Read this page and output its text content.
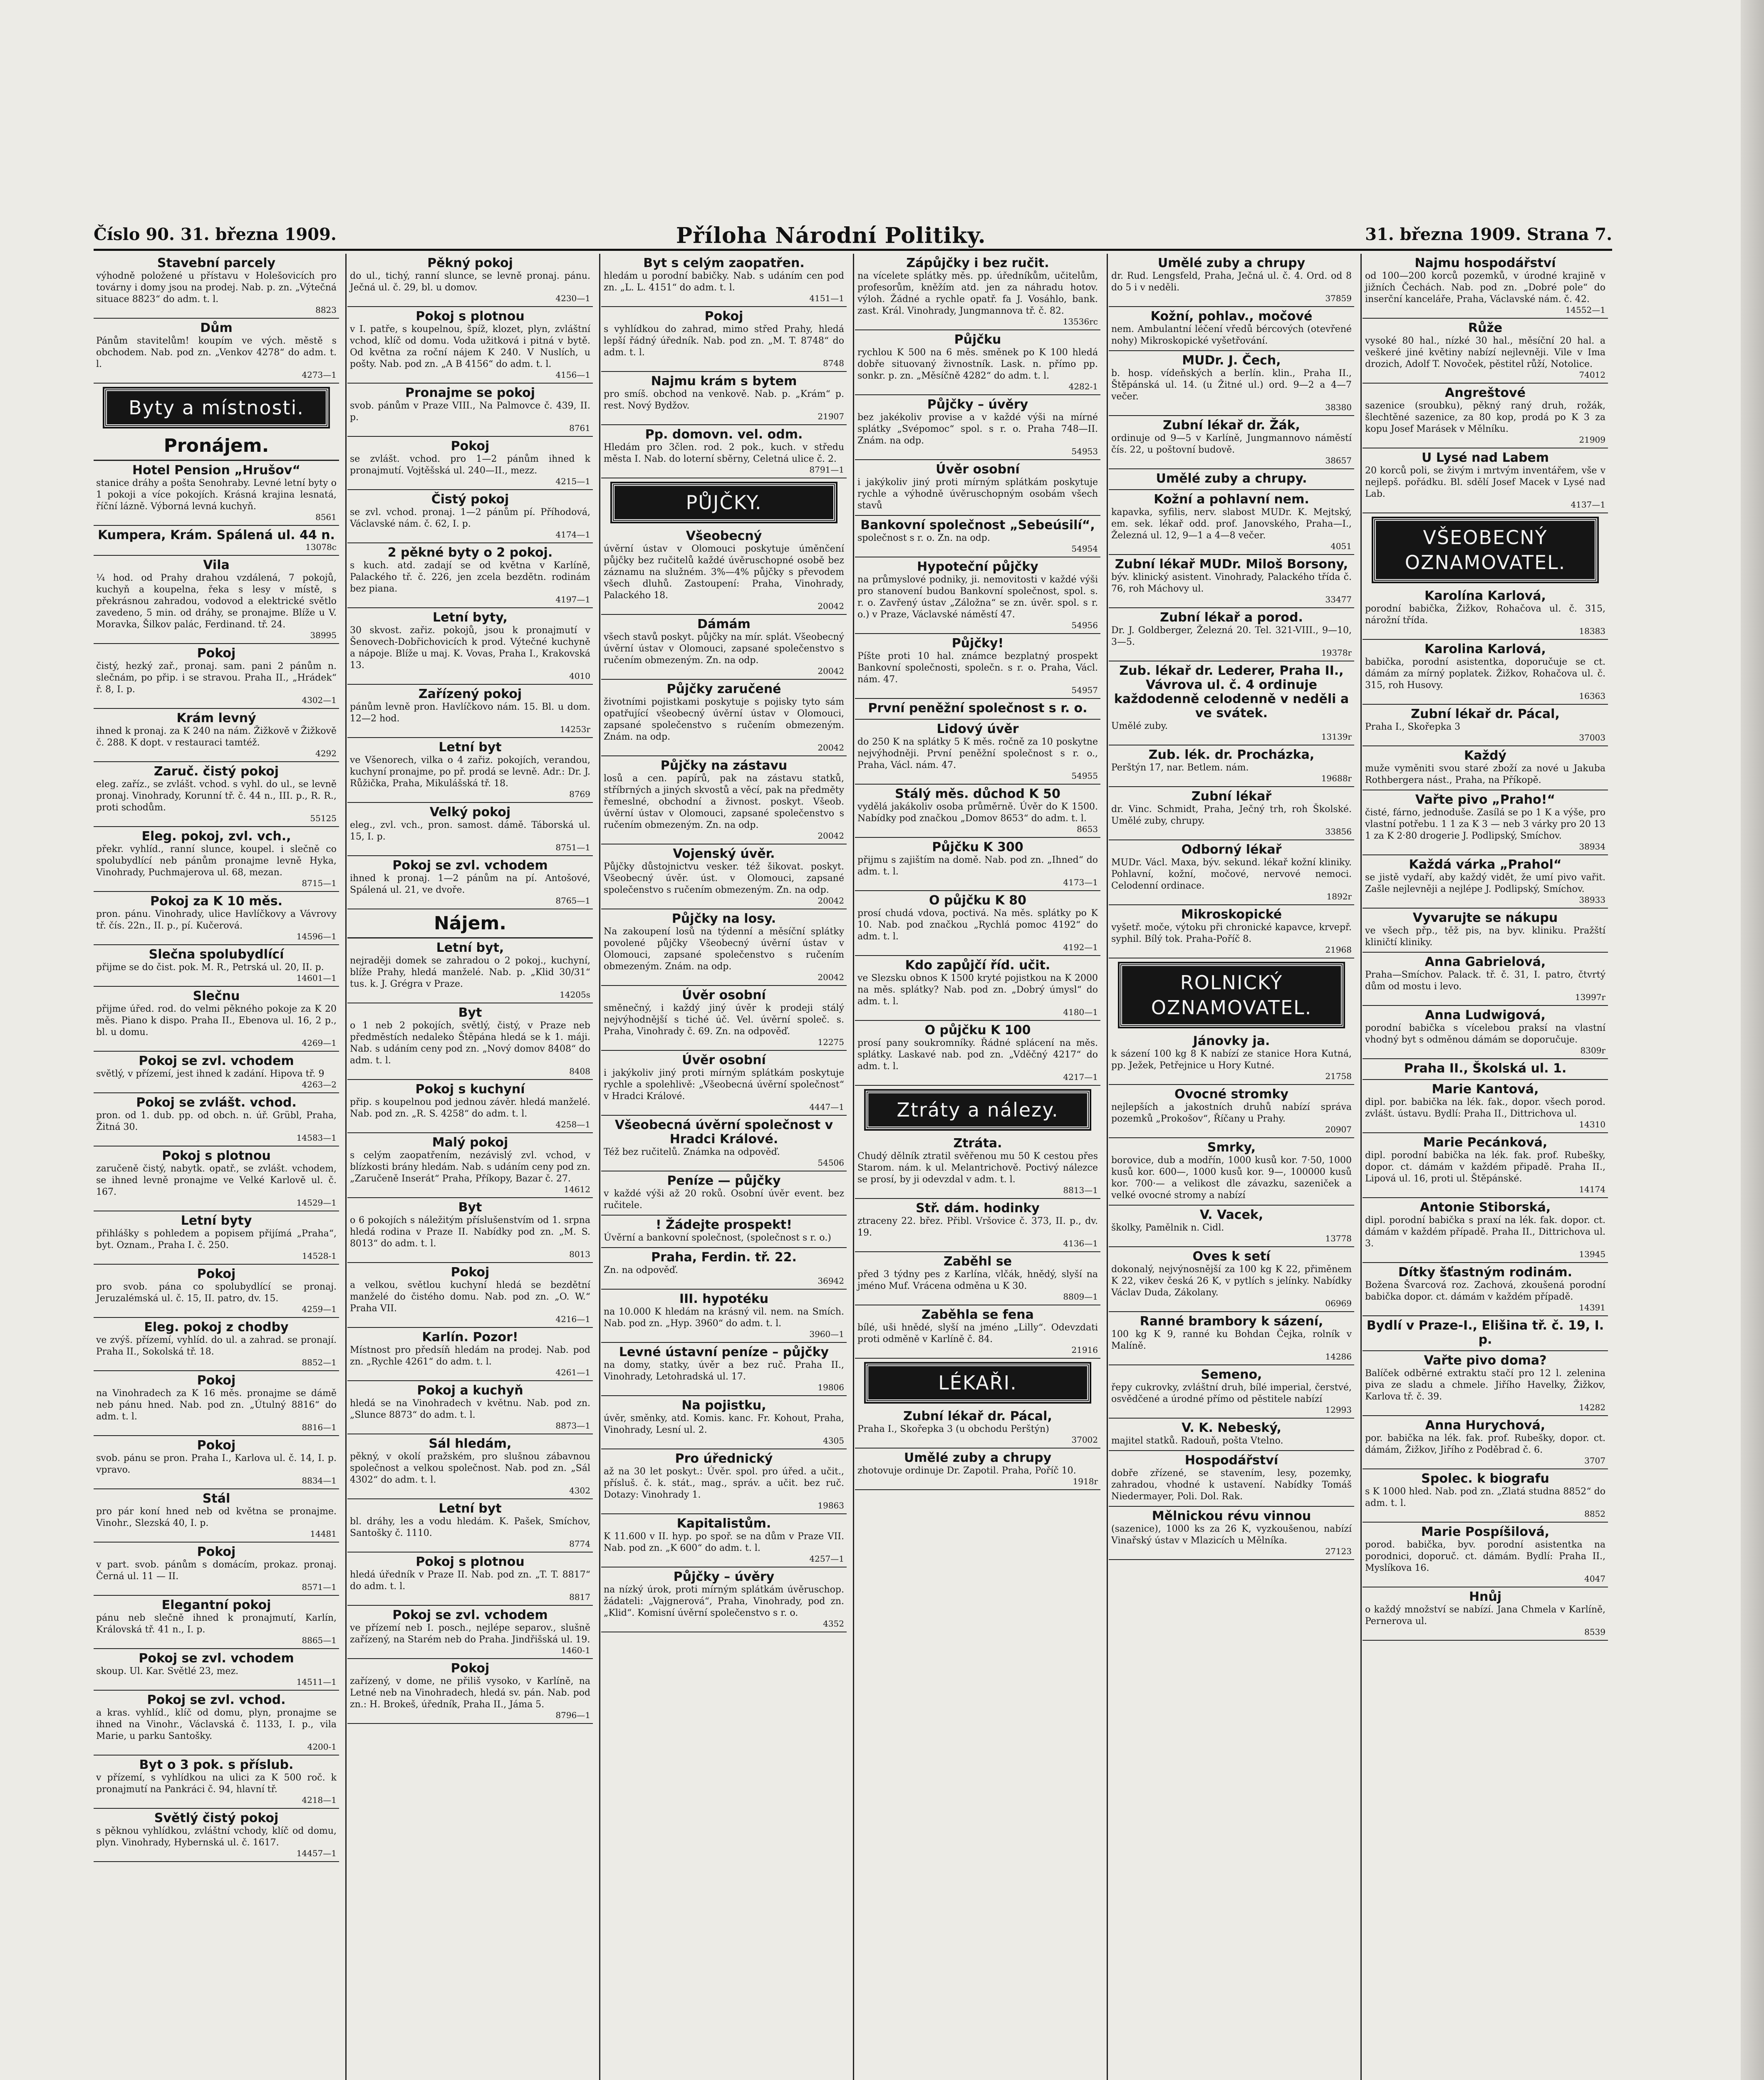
Číslo 90. 31. března 1909.	Příloha Národní Politiky.	31. března 1909. Strana 7.
Stavební parcely
výhodně položené u přístavu v Holešovicích pro továrny i domy jsou na prodej. Nab. p. zn. „Výtečná situace 8823“ do adm. t. l.
8823
Dům
Pánům stavitelům! koupím ve vých. městě s obchodem. Nab. pod zn. „Venkov 4278“ do adm. t. l.
4273—1
Byty a místnosti.
Pronájem.
Hotel Pension „Hrušov“
stanice dráhy a pošta Senohraby. Levné letní byty o 1 pokoji a více pokojích. Krásná krajina lesnatá, říční lázně. Výborná levná kuchyň.
8561
Kumpera, Krám. Spálená ul. 44 n.
13078c
Vila
¼ hod. od Prahy drahou vzdálená, 7 pokojů, kuchyň a koupelna, řeka s lesy v místě, s překrásnou zahradou, vodovod a elektrické světlo zavedeno, 5 min. od dráhy, se pronajme. Blíže u V. Moravka, Šilkov palác, Ferdinand. tř. 24.
38995
Pokoj
čistý, hezký zař., pronaj. sam. pani 2 pánům n. slečnám, po přip. i se stravou. Praha II., „Hrádek“ ř. 8, I. p.
4302—1
Krám levný
ihned k pronaj. za K 240 na nám. Žižkově v Žižkově č. 288. K dopt. v restauraci tamtéž.
4292
Zaruč. čistý pokoj
eleg. zaříz., se zvlášt. vchod. s vyhl. do ul., se levně pronaj. Vinohrady, Korunní tř. č. 44 n., III. p., R. R., proti schodům.
55125
Eleg. pokoj, zvl. vch.,
překr. vyhlíd., ranní slunce, koupel. i slečně co spolubydlící neb pánům pronajme levně Hyka, Vinohrady, Puchmajerova ul. 68, mezan.
8715—1
Pokoj za K 10 měs.
pron. pánu. Vinohrady, ulice Havlíčkovy a Vávrovy tř. čís. 22n., II. p., pí. Kučerová.
14596—1
Slečna spolubydlící
přijme se do čist. pok. M. R., Petrská ul. 20, II. p.
14601—1
Slečnu
přijme úřed. rod. do velmi pěkného pokoje za K 20 měs. Piano k dispo. Praha II., Ebenova ul. 16, 2 p., bl. u domu.
4269—1
Pokoj se zvl. vchodem
světlý, v přízemí, jest ihned k zadání. Hipova tř. 9
4263—2
Pokoj se zvlášt. vchod.
pron. od 1. dub. pp. od obch. n. úř. Grübl, Praha, Žitná 30.
14583—1
Pokoj s plotnou
zaručeně čistý, nabytk. opatř., se zvlášt. vchodem, se ihned levně pronajme ve Velké Karlově ul. č. 167.
14529—1
Letní byty
přihlášky s pohledem a popisem přijímá „Praha“, byt. Oznam., Praha I. č. 250.
14528-1
Pokoj
pro svob. pána co spolubydlící se pronaj. Jeruzalémská ul. č. 15, II. patro, dv. 15.
4259—1
Eleg. pokoj z chodby
ve zvýš. přízemí, vyhlíd. do ul. a zahrad. se pronají. Praha II., Sokolská tř. 18.
8852—1
Pokoj
na Vinohradech za K 16 měs. pronajme se dámě neb pánu hned. Nab. pod zn. „Útulný 8816“ do adm. t. l.
8816—1
Pokoj
svob. pánu se pron. Praha I., Karlova ul. č. 14, I. p. vpravo.
8834—1
Stál
pro pár koní hned neb od května se pronajme. Vinohr., Slezská 40, I. p.
14481
Pokoj
v part. svob. pánům s domácím, prokaz. pronaj. Černá ul. 11 — II.
8571—1
Elegantní pokoj
pánu neb slečně ihned k pronajmutí, Karlín, Královská tř. 41 n., I. p.
8865—1
Pokoj se zvl. vchodem
skoup. Ul. Kar. Světlé 23, mez.
14511—1
Pokoj se zvl. vchod.
a kras. vyhlíd., klíč od domu, plyn, pronajme se ihned na Vinohr., Václavská č. 1133, I. p., vila Marie, u parku Santošky.
4200-1
Byt o 3 pok. s příslub.
v přízemí, s vyhlídkou na ulici za K 500 roč. k pronajmutí na Pankráci č. 94, hlavní tř.
4218—1
Světlý čistý pokoj
s pěknou vyhlídkou, zvláštní vchody, klíč od domu, plyn. Vinohrady, Hybernská ul. č. 1617.
14457—1
Pěkný pokoj
do ul., tichý, ranní slunce, se levně pronaj. pánu. Ječná ul. č. 29, bl. u domov.
4230—1
Pokoj s plotnou
v I. patře, s koupelnou, špíž, klozet, plyn, zvláštní vchod, klíč od domu. Voda užitková i pitná v bytě. Od května za roční nájem K 240. V Nuslích, u pošty. Nab. pod zn. „A B 4156“ do adm. t. l.
4156—1
Pronajme se pokoj
svob. pánům v Praze VIII., Na Palmovce č. 439, II. p.
8761
Pokoj
se zvlášt. vchod. pro 1—2 pánům ihned k pronajmutí. Vojtěšská ul. 240—II., mezz.
4215—1
Čistý pokoj
se zvl. vchod. pronaj. 1—2 pánům pí. Příhodová, Václavské nám. č. 62, I. p.
4174—1
2 pěkné byty o 2 pokoj.
s kuch. atd. zadají se od května v Karlíně, Palackého tř. č. 226, jen zcela bezdětn. rodinám bez piana.
4197—1
Letní byty,
30 skvost. zařiz. pokojů, jsou k pronajmutí v Šenovech-Dobřichovicích k prod. Výtečné kuchyně a nápoje. Blíže u maj. K. Vovas, Praha I., Krakovská 13.
4010
Zařízený pokoj
pánům levně pron. Havlíčkovo nám. 15. Bl. u dom. 12—2 hod.
14253r
Letní byt
ve Všenorech, vilka o 4 zařiz. pokojích, verandou, kuchyní pronajme, po př. prodá se levně. Adr.: Dr. J. Růžička, Praha, Mikulášská tř. 18.
8769
Velký pokoj
eleg., zvl. vch., pron. samost. dámě. Táborská ul. 15, I. p.
8751—1
Pokoj se zvl. vchodem
ihned k pronaj. 1—2 pánům na pí. Antošové, Spálená ul. 21, ve dvoře.
8765—1
Nájem.
Letní byt,
nejraději domek se zahradou o 2 pokoj., kuchyní, blíže Prahy, hledá manželé. Nab. p. „Klid 30/31“ tus. k. J. Grégra v Praze.
14205s
Byt
o 1 neb 2 pokojích, světlý, čistý, v Praze neb předměstích nedaleko Štěpána hledá se k 1. máji. Nab. s udáním ceny pod zn. „Nový domov 8408“ do adm. t. l.
8408
Pokoj s kuchyní
přip. s koupelnou pod jednou závěr. hledá manželé. Nab. pod zn. „R. S. 4258“ do adm. t. l.
4258—1
Malý pokoj
s celým zaopatřením, nezávislý zvl. vchod, v blízkosti brány hledám. Nab. s udáním ceny pod zn. „Zaručeně Inserát“ Praha, Příkopy, Bazar č. 27.
14612
Byt
o 6 pokojích s náležitým příslušenstvím od 1. srpna hledá rodina v Praze II. Nabídky pod zn. „M. S. 8013“ do adm. t. l.
8013
Pokoj
a velkou, světlou kuchyní hledá se bezdětní manželé do čistého domu. Nab. pod zn. „O. W.“ Praha VII.
4216—1
Karlín. Pozor!
Místnost pro předsíň hledám na prodej. Nab. pod zn. „Rychle 4261“ do adm. t. l.
4261—1
Pokoj a kuchyň
hledá se na Vinohradech v květnu. Nab. pod zn. „Slunce 8873“ do adm. t. l.
8873—1
Sál hledám,
pěkný, v okolí pražském, pro slušnou zábavnou společnost a velkou společnost. Nab. pod zn. „Sál 4302“ do adm. t. l.
4302
Letní byt
bl. dráhy, les a vodu hledám. K. Pašek, Smíchov, Santošky č. 1110.
8774
Pokoj s plotnou
hledá úředník v Praze II. Nab. pod zn. „T. T. 8817“ do adm. t. l.
8817
Pokoj se zvl. vchodem
ve přízemí neb I. posch., nejlépe separov., slušně zařízený, na Starém neb do Praha. Jindřišská ul. 19.
1460-1
Pokoj
zařízený, v dome, ne přiliš vysoko, v Karlíně, na Letné neb na Vinohradech, hledá sv. pán. Nab. pod zn.: H. Brokeš, úředník, Praha II., Jáma 5.
8796—1
Byt s celým zaopatřen.
hledám u porodní babičky. Nab. s udáním cen pod zn. „L. L. 4151“ do adm. t. l.
4151—1
Pokoj
s vyhlídkou do zahrad, mimo střed Prahy, hledá lepší řádný úředník. Nab. pod zn. „M. T. 8748“ do adm. t. l.
8748
Najmu krám s bytem
pro smíš. obchod na venkově. Nab. p. „Krám“ p. rest. Nový Bydžov.
21907
Pp. domovn. vel. odm.
Hledám pro 3člen. rod. 2 pok., kuch. v středu města I. Nab. do loterní sběrny, Celetná ulice č. 2.
8791—1
PŮJČKY.
Všeobecný
úvěrní ústav v Olomouci poskytuje úměnčení půjčky bez ručitelů každé úvěruschopné osobě bez záznamu na služném. 3%—4% půjčky s převodem všech dluhů. Zastoupení: Praha, Vinohrady, Palackého 18.
20042
Dámám
všech stavů poskyt. půjčky na mír. splát. Všeobecný úvěrní ústav v Olomouci, zapsané společenstvo s ručením obmezeným. Zn. na odp.
20042
Půjčky zaručené
životními pojistkami poskytuje s pojisky tyto sám opatřující všeobecný úvěrní ústav v Olomouci, zapsané společenstvo s ručením obmezeným. Znám. na odp.
20042
Půjčky na zástavu
losů a cen. papírů, pak na zástavu statků, stříbrných a jiných skvostů a věcí, pak na předměty řemeslné, obchodní a živnost. poskyt. Všeob. úvěrní ústav v Olomouci, zapsané společenstvo s ručením obmezeným. Zn. na odp.
20042
Vojenský úvěr.
Půjčky důstojnictvu vesker. též šikovat. poskyt. Všeobecný úvěr. úst. v Olomouci, zapsané společenstvo s ručením obmezeným. Zn. na odp.
20042
Půjčky na losy.
Na zakoupení losů na týdenní a měsíční splátky povolené půjčky Všeobecný úvěrní ústav v Olomouci, zapsané společenstvo s ručením obmezeným. Znám. na odp.
20042
Úvěr osobní
směnečný, i každý jiný úvěr k prodeji stálý nejvýhodnější s tiché úč. Vel. úvěrní společ. s. Praha, Vinohrady č. 69. Zn. na odpověď.
12275
Úvěr osobní
i jakýkoliv jiný proti mírným splátkám poskytuje rychle a spolehlivě: „Všeobecná úvěrní společnost“ v Hradci Králové.
4447—1
Všeobecná úvěrní společnost v Hradci Králové.
Též bez ručitelů. Známka na odpověď.
54506
Peníze — půjčky
v každé výši až 20 roků. Osobní úvěr event. bez ručitele.
! Žádejte prospekt!
Úvěrní a bankovní společnost, (společnost s r. o.)
Praha, Ferdin. tř. 22.
Zn. na odpověď.
36942
III. hypotéku
na 10.000 K hledám na krásný vil. nem. na Smích. Nab. pod zn. „Hyp. 3960“ do adm. t. l.
3960—1
Levné ústavní peníze – půjčky
na domy, statky, úvěr a bez ruč. Praha II., Vinohrady, Letohradská ul. 17.
19806
Na pojistku,
úvěr, směnky, atd. Komis. kanc. Fr. Kohout, Praha, Vinohrady, Lesní ul. 2.
4305
Pro úřednický
až na 30 let poskyt.: Úvěr. spol. pro úřed. a učit., přísluš. č. k. stát., mag., správ. a učit. bez ruč. Dotazy: Vinohrady 1.
19863
Kapitalistům.
K 11.600 v II. hyp. po spoř. se na dům v Praze VII. Nab. pod zn. „K 600“ do adm. t. l.
4257—1
Půjčky – úvěry
na nízký úrok, proti mírným splátkám úvěruschop. žádateli: „Vajgnerová“, Praha, Vinohrady, pod zn. „Klid“. Komisní úvěrní společenstvo s r. o.
4352
Zápůjčky i bez ručit.
na vícelete splátky měs. pp. úředníkům, učitelům, profesorům, kněžím atd. jen za náhradu hotov. výloh. Žádné a rychle opatř. fa J. Vosáhlo, bank. zast. Král. Vinohrady, Jungmannova tř. č. 82.
13536rc
Půjčku
rychlou K 500 na 6 měs. směnek po K 100 hledá dobře situovaný živnostník. Lask. n. přímo pp. sonkr. p. zn. „Měsíčně 4282“ do adm. t. l.
4282-1
Půjčky – úvěry
bez jakékoliv provise a v každé výši na mírné splátky „Svépomoc“ spol. s r. o. Praha 748—II. Znám. na odp.
54953
Úvěr osobní
i jakýkoliv jiný proti mírným splátkám poskytuje rychle a výhodně úvěruschopným osobám všech stavů
Bankovní společnost „Sebeúsilí“,
společnost s r. o. Zn. na odp.
54954
Hypoteční půjčky
na průmyslové podniky, ji. nemovitosti v každé výši pro stanovení budou Bankovní společnost, spol. s. r. o. Zavřený ústav „Záložna“ se zn. úvěr. spol. s r. o.) v Praze, Václavské náměstí 47.
54956
Půjčky!
Píšte proti 10 hal. známce bezplatný prospekt Bankovní společnosti, společn. s r. o. Praha, Václ. nám. 47.
54957
První peněžní společnost s r. o.
Lidový úvěr
do 250 K na splátky 5 K měs. ročně za 10 poskytne nejvýhodněji. První peněžní společnost s r. o., Praha, Václ. nám. 47.
54955
Stálý měs. důchod K 50
vydělá jakákoliv osoba průměrně. Úvěr do K 1500. Nabídky pod značkou „Domov 8653“ do adm. t. l.
8653
Půjčku K 300
přijmu s zajištím na domě. Nab. pod zn. „Ihned“ do adm. t. l.
4173—1
O půjčku K 80
prosí chudá vdova, poctivá. Na měs. splátky po K 10. Nab. pod značkou „Rychlá pomoc 4192“ do adm. t. l.
4192—1
Kdo zapůjčí říd. učit.
ve Slezsku obnos K 1500 kryté pojistkou na K 2000 na měs. splátky? Nab. pod zn. „Dobrý úmysl“ do adm. t. l.
4180—1
O půjčku K 100
prosí pany soukromníky. Řádné splácení na měs. splátky. Laskavé nab. pod zn. „Vděčný 4217“ do adm. t. l.
4217—1
Ztráty a nálezy.
Ztráta.
Chudý dělník ztratil svěřenou mu 50 K cestou přes Starom. nám. k ul. Melantrichově. Poctivý nálezce se prosí, by ji odevzdal v adm. t. l.
8813—1
Stř. dám. hodinky
ztraceny 22. břez. Přibl. Vršovice č. 373, II. p., dv. 19.
4136—1
Zaběhl se
před 3 týdny pes z Karlína, vlčák, hnědý, slyší na jméno Muf. Vrácena odměna u K 30.
8809—1
Zaběhla se fena
bílé, uši hnědé, slyší na jméno „Lilly“. Odevzdati proti odměně v Karlíně č. 84.
21916
LÉKAŘI.
Zubní lékař dr. Pácal,
Praha I., Skořepka 3 (u obchodu Perštýn)
37002
Umělé zuby a chrupy
zhotovuje ordinuje Dr. Zapotil. Praha, Poříč 10.
1918r
Umělé zuby a chrupy
dr. Rud. Lengsfeld, Praha, Ječná ul. č. 4. Ord. od 8 do 5 i v neděli.
37859
Kožní, pohlav., močové
nem. Ambulantní léčení vředů bércových (otevřené nohy) Mikroskopické vyšetřování.
MUDr. J. Čech,
b. hosp. vídeňských a berlín. klin., Praha II., Štěpánská ul. 14. (u Žitné ul.) ord. 9—2 a 4—7 večer.
38380
Zubní lékař dr. Žák,
ordinuje od 9—5 v Karlíně, Jungmannovo náměstí čís. 22, u poštovní budově.
38657
Umělé zuby a chrupy.
Kožní a pohlavní nem.
kapavka, syfilis, nerv. slabost MUDr. K. Mejtský, em. sek. lékař odd. prof. Janovského, Praha—I., Železná ul. 12, 9—1 a 4—8 večer.
4051
Zubní lékař MUDr. Miloš Borsony,
býv. klinický asistent. Vinohrady, Palackého třída č. 76, roh Máchovy ul.
33477
Zubní lékař a porod.
Dr. J. Goldberger, Železná 20. Tel. 321-VIII., 9—10, 3—5.
19378r
Zub. lékař dr. Lederer, Praha II., Vávrova ul. č. 4 ordinuje každodenně celodenně v neděli a ve svátek.
Umělé zuby.
13139r
Zub. lék. dr. Procházka,
Perštýn 17, nar. Betlem. nám.
19688r
Zubní lékař
dr. Vinc. Schmidt, Praha, Ječný trh, roh Školské. Umělé zuby, chrupy.
33856
Odborný lékař
MUDr. Václ. Maxa, býv. sekund. lékař kožní kliniky. Pohlavní, kožní, močové, nervové nemoci. Celodenní ordinace.
1892r
Mikroskopické
vyšetř. moče, výtoku při chronické kapavce, krvepř. syphil. Bílý tok. Praha-Poříč 8.
21968
ROLNICKÝ OZNAMOVATEL.
Jánovky ja.
k sázení 100 kg 8 K nabízí ze stanice Hora Kutná, pp. Ježek, Petřejnice u Hory Kutné.
21758
Ovocné stromky
nejlepších a jakostních druhů nabízí správa pozemků „Prokošov“, Říčany u Prahy.
20907
Smrky,
borovice, dub a modřín, 1000 kusů kor. 7·50, 1000 kusů kor. 600—, 1000 kusů kor. 9—, 100000 kusů kor. 700·— a velikost dle závazku, sazeniček a velké ovocné stromy a nabízí
V. Vacek,
školky, Pamělnik n. Cidl.
13778
Oves k setí
dokonalý, nejvýnosnější za 100 kg K 22, přiměnem K 22, vikev česká 26 K, v pytlích s jelínky. Nabídky Václav Duda, Zákolany.
06969
Ranné brambory k sázení,
100 kg K 9, ranné ku Bohdan Čejka, rolník v Malíně.
14286
Semeno,
řepy cukrovky, zvláštní druh, bílé imperial, čerstvé, osvědčené a úrodné přímo od pěstitele nabízí
12993
V. K. Nebeský,
majitel statků. Radouň, pošta Vtelno.
Hospodářství
dobře zřízené, se stavením, lesy, pozemky, zahradou, vhodné k ustavení. Nabídky Tomáš Niedermayer, Poli. Dol. Rak.
Mělnickou révu vinnou
(sazenice), 1000 ks za 26 K, vyzkoušenou, nabízí Vinařský ústav v Mlazicích u Mělníka.
27123
Najmu hospodářství
od 100—200 korců pozemků, v úrodné krajině v jižních Čechách. Nab. pod zn. „Dobré pole“ do inserční kanceláře, Praha, Václavské nám. č. 42.
14552—1
Růže
vysoké 80 hal., nízké 30 hal., měsíční 20 hal. a veškeré jiné květiny nabízí nejlevněji. Vile v Ima drozich, Adolf T. Novoček, pěstitel růží, Notolice.
74012
Angreštové
sazenice (sroubku), pěkný raný druh, rožák, šlechtěné sazenice, za 80 kop, prodá po K 3 za kopu Josef Marásek v Mělníku.
21909
U Lysé nad Labem
20 korců poli, se živým i mrtvým inventářem, vše v nejlepš. pořádku. Bl. sdělí Josef Macek v Lysé nad Lab.
4137—1
VŠEOBECNÝ OZNAMOVATEL.
Karolína Karlová,
porodní babička, Žižkov, Rohačova ul. č. 315, nárožní třída.
18383
Karolina Karlová,
babička, porodní asistentka, doporučuje se ct. dámám za mírný poplatek. Žižkov, Rohačova ul. č. 315, roh Husovy.
16363
Zubní lékař dr. Pácal,
Praha I., Skořepka 3
37003
Každý
muže vyměniti svou staré zboží za nové u Jakuba Rothbergera nást., Praha, na Příkopě.
Vařte pivo „Praho!“
čisté, fárno, jednoduše. Zasílá se po 1 K a výše, pro vlastní potřebu. 1 1 za K 3 — neb 3 várky pro 20 13 1 za K 2·80 drogerie J. Podlipský, Smíchov.
38934
Každá várka „Prahol“
se jistě vydaří, aby každý vidět, že umí pivo vařit. Zašle nejlevněji a nejlépe J. Podlipský, Smíchov.
38933
Vyvarujte se nákupu
ve všech přp., těž pis, na byv. kliniku. Pražští kliničtí kliniky.
Anna Gabrielová,
Praha—Smíchov. Palack. tř. č. 31, I. patro, čtvrtý dům od mostu i levo.
13997r
Anna Ludwigová,
porodní babička s vícelebou praksí na vlastní vhodný byt s odměnou dámám se doporučuje.
8309r
Praha II., Školská ul. 1.
Marie Kantová,
dipl. por. babička na lék. fak., dopor. všech porod. zvlášt. ústavu. Bydlí: Praha II., Dittrichova ul.
14310
Marie Pecánková,
dipl. porodní babička na lék. fak. prof. Rubešky, dopor. ct. dámám v každém připadě. Praha II., Lipová ul. 16, proti ul. Štěpánské.
14174
Antonie Stiborská,
dipl. porodní babička s praxí na lék. fak. dopor. ct. dámám v každém případě. Praha II., Dittrichova ul. 3.
13945
Dítky šťastným rodinám.
Božena Švarcová roz. Zachová, zkoušená porodní babička dopor. ct. dámám v každém případě.
14391
Bydlí v Praze-I., Elišina tř. č. 19, I. p.
Vařte pivo doma?
Balíček odběrné extraktu stačí pro 12 l. zelenina piva ze sladu a chmele. Jiřího Havelky, Žižkov, Karlova tř. č. 39.
14282
Anna Hurychová,
por. babička na lék. fak. prof. Rubešky, dopor. ct. dámám, Žižkov, Jiřího z Poděbrad č. 6.
3707
Spolec. k biografu
s K 1000 hled. Nab. pod zn. „Zlatá studna 8852“ do adm. t. l.
8852
Marie Pospíšilová,
porod. babička, byv. porodní asistentka na porodnici, doporuč. ct. dámám. Bydlí: Praha II., Myslíkova 16.
4047
Hnůj
o každý množství se nabízí. Jana Chmela v Karlíně, Pernerova ul.
8539
